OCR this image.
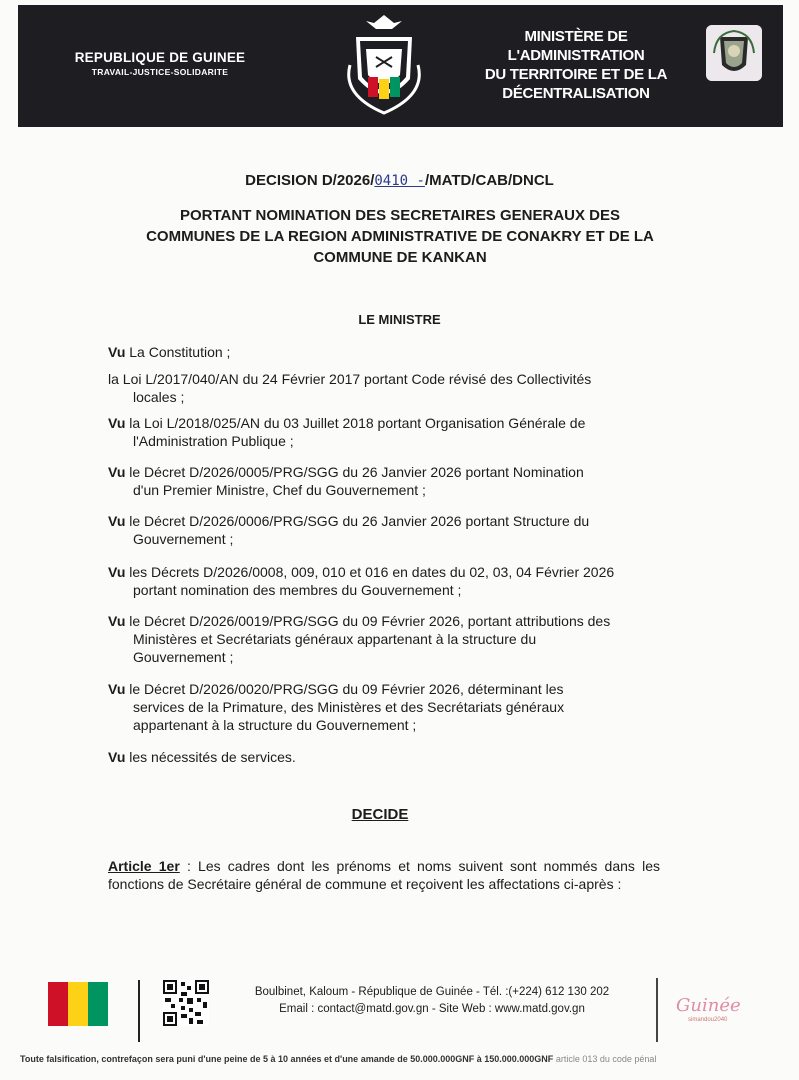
REPUBLIQUE DE GUINEE
TRAVAIL-JUSTICE-SOLIDARITE
MINISTÈRE DE L'ADMINISTRATION
DU TERRITOIRE ET DE LA
DÉCENTRALISATION
DECISION D/2026/0410 -/MATD/CAB/DNCL
PORTANT NOMINATION DES SECRETAIRES GENERAUX DES
COMMUNES DE LA REGION ADMINISTRATIVE DE CONAKRY ET DE LA
COMMUNE DE KANKAN
LE MINISTRE
Vu La Constitution ;
la Loi L/2017/040/AN du 24 Février 2017 portant Code révisé des Collectivités
locales ;
Vu la Loi L/2018/025/AN du 03 Juillet 2018 portant Organisation Générale de
l'Administration Publique ;
Vu le Décret D/2026/0005/PRG/SGG du 26 Janvier 2026 portant Nomination
d'un Premier Ministre, Chef du Gouvernement ;
Vu le Décret D/2026/0006/PRG/SGG du 26 Janvier 2026 portant Structure du
Gouvernement ;
Vu les Décrets D/2026/0008, 009, 010 et 016 en dates du 02, 03, 04 Février 2026
portant nomination des membres du Gouvernement ;
Vu le Décret D/2026/0019/PRG/SGG du 09 Février 2026, portant attributions des
Ministères et Secrétariats généraux appartenant à la structure du
Gouvernement ;
Vu le Décret D/2026/0020/PRG/SGG du 09 Février 2026, déterminant les
services de la Primature, des Ministères et des Secrétariats généraux
appartenant à la structure du Gouvernement ;
Vu les nécessités de services.
DECIDE
Article 1er : Les cadres dont les prénoms et noms suivent sont nommés dans les fonctions de Secrétaire général de commune et reçoivent les affectations ci-après :
Boulbinet, Kaloum - République de Guinée - Tél. :(+224) 612 130 202
Email : contact@matd.gov.gn - Site Web : www.matd.gov.gn	Guinée
simandou2040
Toute falsification, contrefaçon sera puni d'une peine de 5 à 10 années et d'une amande de 50.000.000GNF à 150.000.000GNF article 013 du code pénal
